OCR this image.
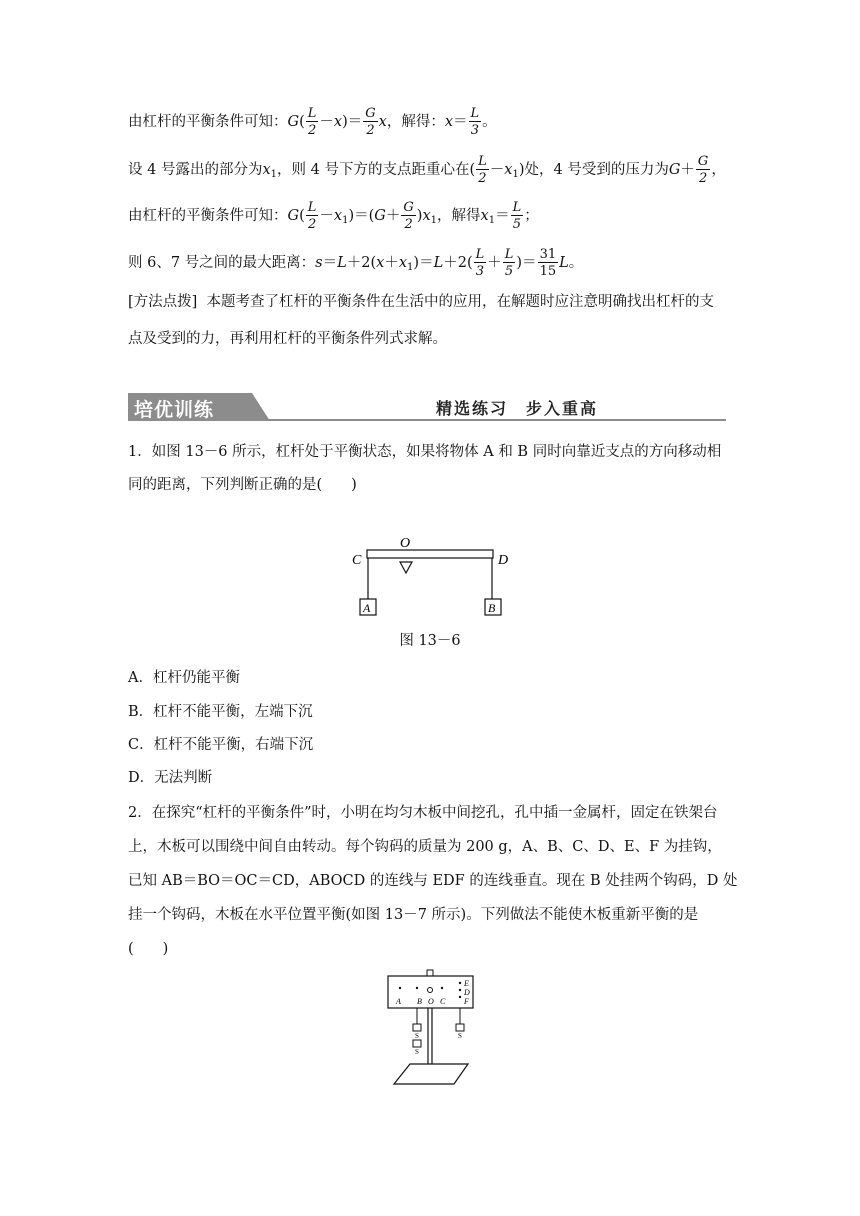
由杠杆的平衡条件可知：$G( \frac{L}{2} -x)= \frac{G}{2}$ x，解得：$x= \frac{L}{3}$ 。
设 4 号露出的部分为$x_1$，则 4 号下方的支点距重心在( $\frac{L}{2} -x_1$)处，4 号受到的压力为$G+ \frac{G}{2}$ ，
由杠杆的平衡条件可知：$G( \frac{L}{2} -x_1)=(G+ \frac{G}{2} )x_1$，解得$x_1= \frac{L}{5}$ ；
则 6、7 号之间的最大距离：$s=L+2(x+x_1)=L+2( \frac{L}{3} + \frac{L}{5}$ )＝ $\frac{31}{15}$ L。
[方法点拨] 本题考查了杠杆的平衡条件在生活中的应用，在解题时应注意明确找出杠杆的支
点及受到的力，再利用杠杆的平衡条件列式求解。
培优训练	精选练习　步入重高
1．如图 13－6 所示，杠杆处于平衡状态，如果将物体 A 和 B 同时向靠近支点的方向移动相
同的距离，下列判断正确的是(　　)
C
O
D
A	B
图 13－6
A．杠杆仍能平衡
B．杠杆不能平衡，左端下沉
C．杠杆不能平衡，右端下沉
D．无法判断
2．在探究“杠杆的平衡条件”时，小明在均匀木板中间挖孔，孔中插一金属杆，固定在铁架台
上，木板可以围绕中间自由转动。每个钩码的质量为 200 g，A、B、C、D、E、F 为挂钩，
已知 AB＝BO＝OC＝CD，ABOCD 的连线与 EDF 的连线垂直。现在 B 处挂两个钩码，D 处
挂一个钩码，木板在水平位置平衡(如图 13－7 所示)。下列做法不能使木板重新平衡的是
(　　)
A B O C
E
D
F
S
S
S
